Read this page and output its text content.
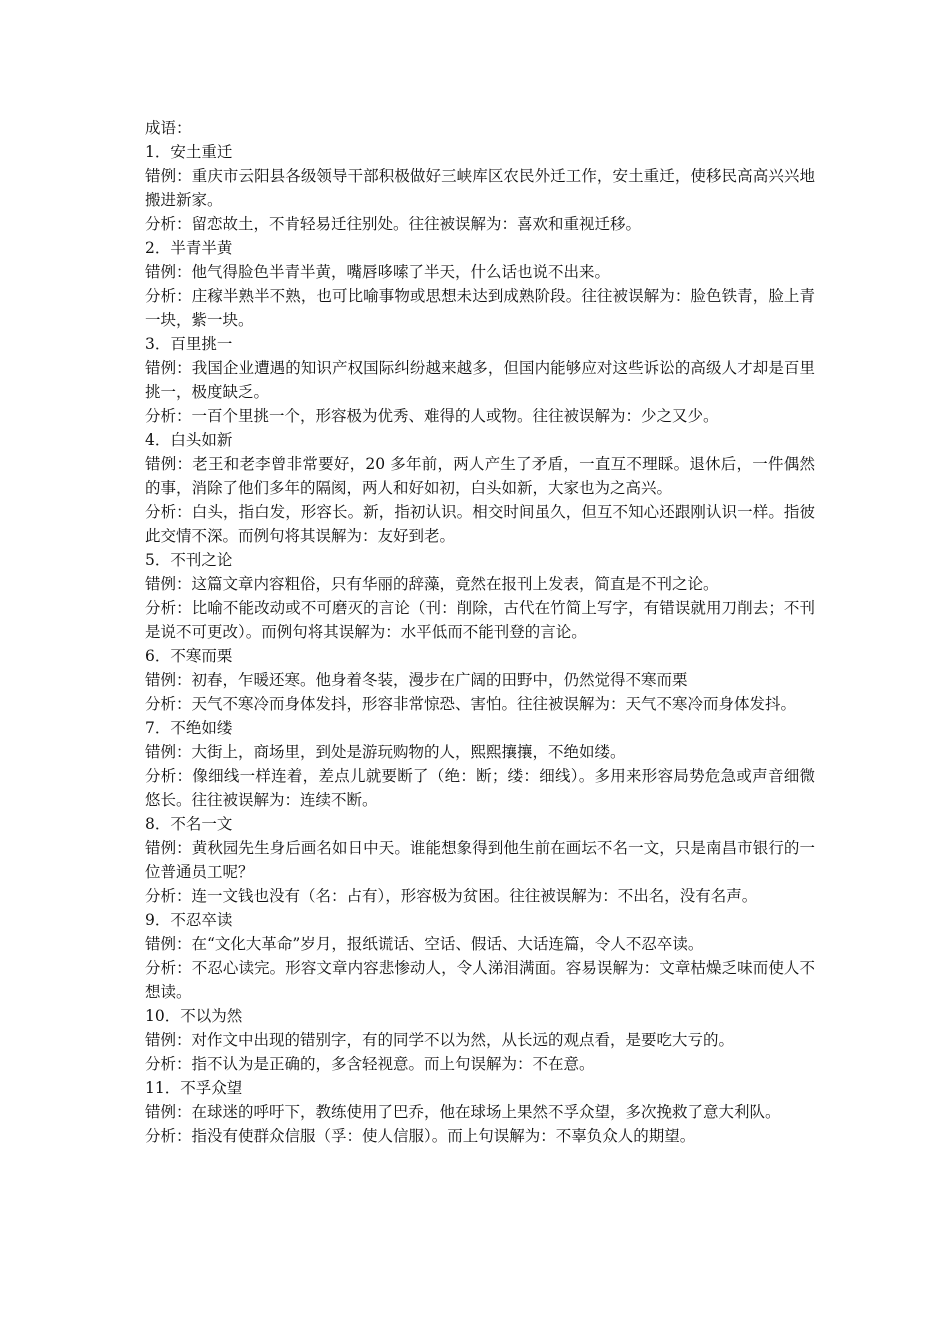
成语：

1．安土重迁

错例：重庆市云阳县各级领导干部积极做好三峡库区农民外迁工作，安土重迁，使移民高高兴兴地搬进新家。

分析：留恋故土，不肯轻易迁往别处。往往被误解为：喜欢和重视迁移。

2．半青半黄

错例：他气得脸色半青半黄，嘴唇哆嗦了半天，什么话也说不出来。

分析：庄稼半熟半不熟，也可比喻事物或思想未达到成熟阶段。往往被误解为：脸色铁青，脸上青一块，紫一块。

3．百里挑一

错例：我国企业遭遇的知识产权国际纠纷越来越多，但国内能够应对这些诉讼的高级人才却是百里挑一，极度缺乏。

分析：一百个里挑一个，形容极为优秀、难得的人或物。往往被误解为：少之又少。

4．白头如新

错例：老王和老李曾非常要好，20 多年前，两人产生了矛盾，一直互不理睬。退休后，一件偶然的事，消除了他们多年的隔阂，两人和好如初，白头如新，大家也为之高兴。

分析：白头，指白发，形容长。新，指初认识。相交时间虽久，但互不知心还跟刚认识一样。指彼此交情不深。而例句将其误解为：友好到老。

5．不刊之论

错例：这篇文章内容粗俗，只有华丽的辞藻，竟然在报刊上发表，简直是不刊之论。

分析：比喻不能改动或不可磨灭的言论（刊：削除，古代在竹简上写字，有错误就用刀削去；不刊是说不可更改）。而例句将其误解为：水平低而不能刊登的言论。

6．不寒而栗

错例：初春，乍暖还寒。他身着冬装，漫步在广阔的田野中，仍然觉得不寒而栗

分析：天气不寒冷而身体发抖，形容非常惊恐、害怕。往往被误解为：天气不寒冷而身体发抖。

7．不绝如缕

错例：大街上，商场里，到处是游玩购物的人，熙熙攘攘，不绝如缕。

分析：像细线一样连着，差点儿就要断了（绝：断；缕：细线）。多用来形容局势危急或声音细微悠长。往往被误解为：连续不断。

8．不名一文

错例：黄秋园先生身后画名如日中天。谁能想象得到他生前在画坛不名一文，只是南昌市银行的一位普通员工呢？

分析：连一文钱也没有（名：占有），形容极为贫困。往往被误解为：不出名，没有名声。

9．不忍卒读

错例：在“文化大革命”岁月，报纸谎话、空话、假话、大话连篇，令人不忍卒读。

分析：不忍心读完。形容文章内容悲惨动人，令人涕泪满面。容易误解为：文章枯燥乏味而使人不想读。

10．不以为然

错例：对作文中出现的错别字，有的同学不以为然，从长远的观点看，是要吃大亏的。

分析：指不认为是正确的，多含轻视意。而上句误解为：不在意。

11．不孚众望

错例：在球迷的呼吁下，教练使用了巴乔，他在球场上果然不孚众望，多次挽救了意大利队。

分析：指没有使群众信服（孚：使人信服）。而上句误解为：不辜负众人的期望。
